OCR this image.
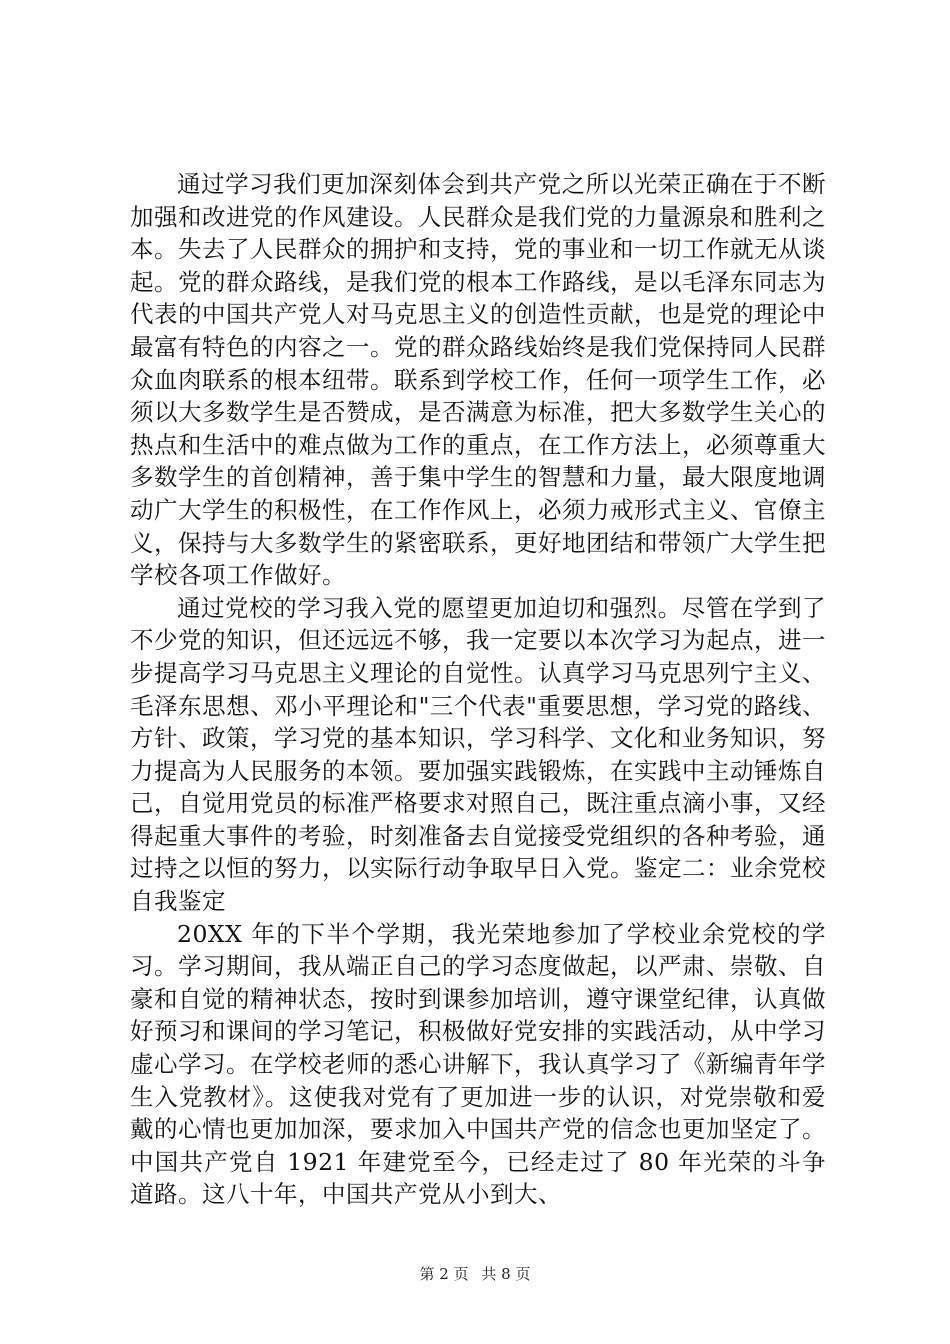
通过学习我们更加深刻体会到共产党之所以光荣正确在于不断加强和改进党的作风建设。人民群众是我们党的力量源泉和胜利之本。失去了人民群众的拥护和支持，党的事业和一切工作就无从谈起。党的群众路线，是我们党的根本工作路线，是以毛泽东同志为代表的中国共产党人对马克思主义的创造性贡献，也是党的理论中最富有特色的内容之一。党的群众路线始终是我们党保持同人民群众血肉联系的根本纽带。联系到学校工作，任何一项学生工作，必须以大多数学生是否赞成，是否满意为标准，把大多数学生关心的热点和生活中的难点做为工作的重点，在工作方法上，必须尊重大多数学生的首创精神，善于集中学生的智慧和力量，最大限度地调动广大学生的积极性，在工作作风上，必须力戒形式主义、官僚主义，保持与大多数学生的紧密联系，更好地团结和带领广大学生把学校各项工作做好。

通过党校的学习我入党的愿望更加迫切和强烈。尽管在学到了不少党的知识，但还远远不够，我一定要以本次学习为起点，进一步提高学习马克思主义理论的自觉性。认真学习马克思列宁主义、毛泽东思想、邓小平理论和"三个代表"重要思想，学习党的路线、方针、政策，学习党的基本知识，学习科学、文化和业务知识，努力提高为人民服务的本领。要加强实践锻炼，在实践中主动锤炼自己，自觉用党员的标准严格要求对照自己，既注重点滴小事，又经得起重大事件的考验，时刻准备去自觉接受党组织的各种考验，通过持之以恒的努力，以实际行动争取早日入党。鉴定二：业余党校自我鉴定

20XX 年的下半个学期，我光荣地参加了学校业余党校的学习。学习期间，我从端正自己的学习态度做起，以严肃、崇敬、自豪和自觉的精神状态，按时到课参加培训，遵守课堂纪律，认真做好预习和课间的学习笔记，积极做好党安排的实践活动，从中学习虚心学习。在学校老师的悉心讲解下，我认真学习了《新编青年学生入党教材》。这使我对党有了更加进一步的认识，对党崇敬和爱戴的心情也更加加深，要求加入中国共产党的信念也更加坚定了。中国共产党自 1921 年建党至今，已经走过了 80 年光荣的斗争道路。这八十年，中国共产党从小到大、

第 2 页 共 8 页
